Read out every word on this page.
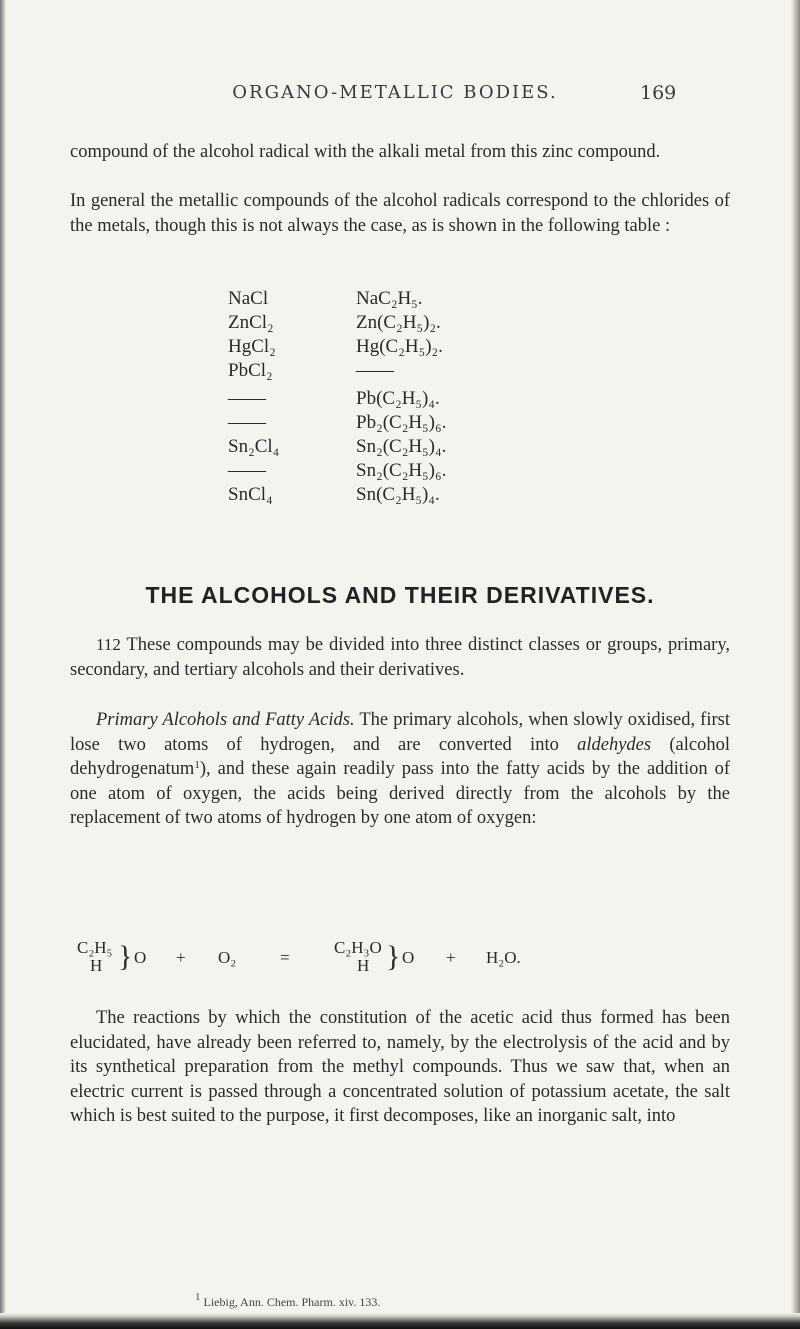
ORGANO-METALLIC BODIES.	169

compound of the alcohol radical with the alkali metal from this zinc compound.

In general the metallic compounds of the alcohol radicals correspond to the chlorides of the metals, though this is not always the case, as is shown in the following table :

NaCl	NaC₂H₅.
ZnCl₂	Zn(C₂H₅)₂.
HgCl₂	Hg(C₂H₅)₂.
PbCl₂	——
——	Pb(C₂H₅)₄.
——	Pb₂(C₂H₅)₆.
Sn₂Cl₄	Sn₂(C₂H₅)₄.
——	Sn₂(C₂H₅)₆.
SnCl₄	Sn(C₂H₅)₄.
THE ALCOHOLS AND THEIR DERIVATIVES.

112 These compounds may be divided into three distinct classes or groups, primary, secondary, and tertiary alcohols and their derivatives.

Primary Alcohols and Fatty Acids. The primary alcohols, when slowly oxidised, first lose two atoms of hydrogen, and are converted into aldehydes (alcohol dehydrogenatum$^1$), and these again readily pass into the fatty acids by the addition of one atom of oxygen, the acids being derived directly from the alcohols by the replacement of two atoms of hydrogen by one atom of oxygen:

C₂H₅
H } O + O₂	=
C₂H₃O
H } O + H₂O.

The reactions by which the constitution of the acetic acid thus formed has been elucidated, have already been referred to, namely, by the electrolysis of the acid and by its synthetical preparation from the methyl compounds. Thus we saw that, when an electric current is passed through a concentrated solution of potassium acetate, the salt which is best suited to the purpose, it first decomposes, like an inorganic salt, into

1 Liebig, Ann. Chem. Pharm. xiv. 133.
